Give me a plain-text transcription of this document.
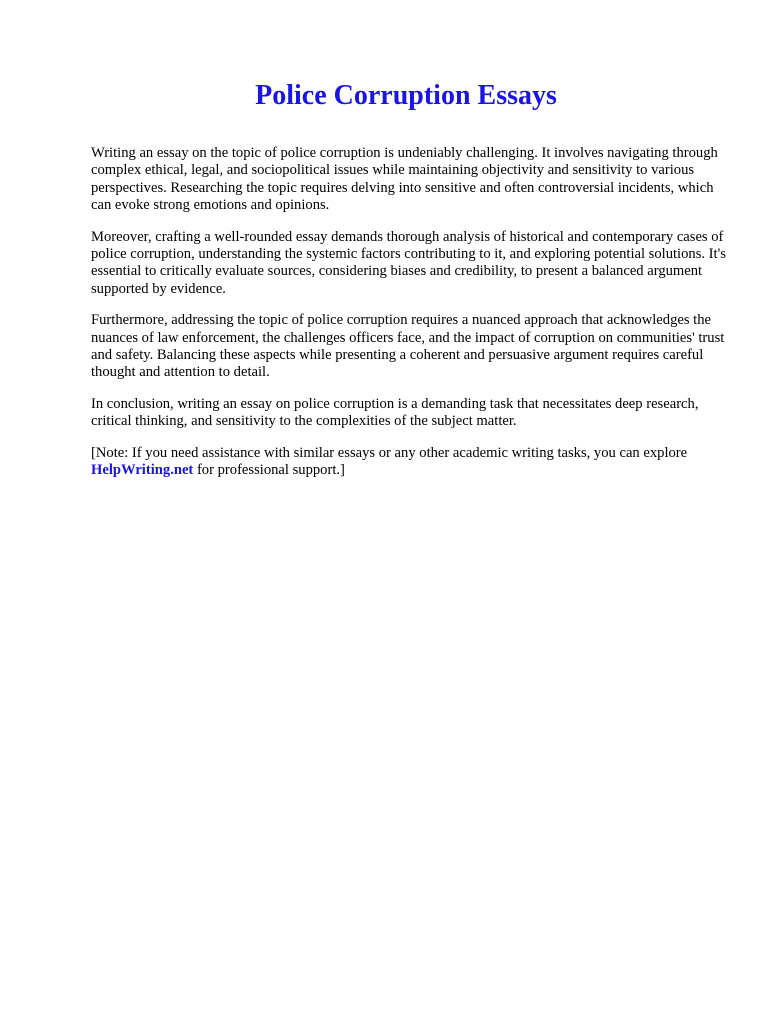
Police Corruption Essays

Writing an essay on the topic of police corruption is undeniably challenging. It involves navigating through complex ethical, legal, and sociopolitical issues while maintaining objectivity and sensitivity to various perspectives. Researching the topic requires delving into sensitive and often controversial incidents, which can evoke strong emotions and opinions.

Moreover, crafting a well-rounded essay demands thorough analysis of historical and contemporary cases of police corruption, understanding the systemic factors contributing to it, and exploring potential solutions. It's essential to critically evaluate sources, considering biases and credibility, to present a balanced argument supported by evidence.

Furthermore, addressing the topic of police corruption requires a nuanced approach that acknowledges the nuances of law enforcement, the challenges officers face, and the impact of corruption on communities' trust and safety. Balancing these aspects while presenting a coherent and persuasive argument requires careful thought and attention to detail.

In conclusion, writing an essay on police corruption is a demanding task that necessitates deep research, critical thinking, and sensitivity to the complexities of the subject matter.

[Note: If you need assistance with similar essays or any other academic writing tasks, you can explore HelpWriting.net for professional support.]
